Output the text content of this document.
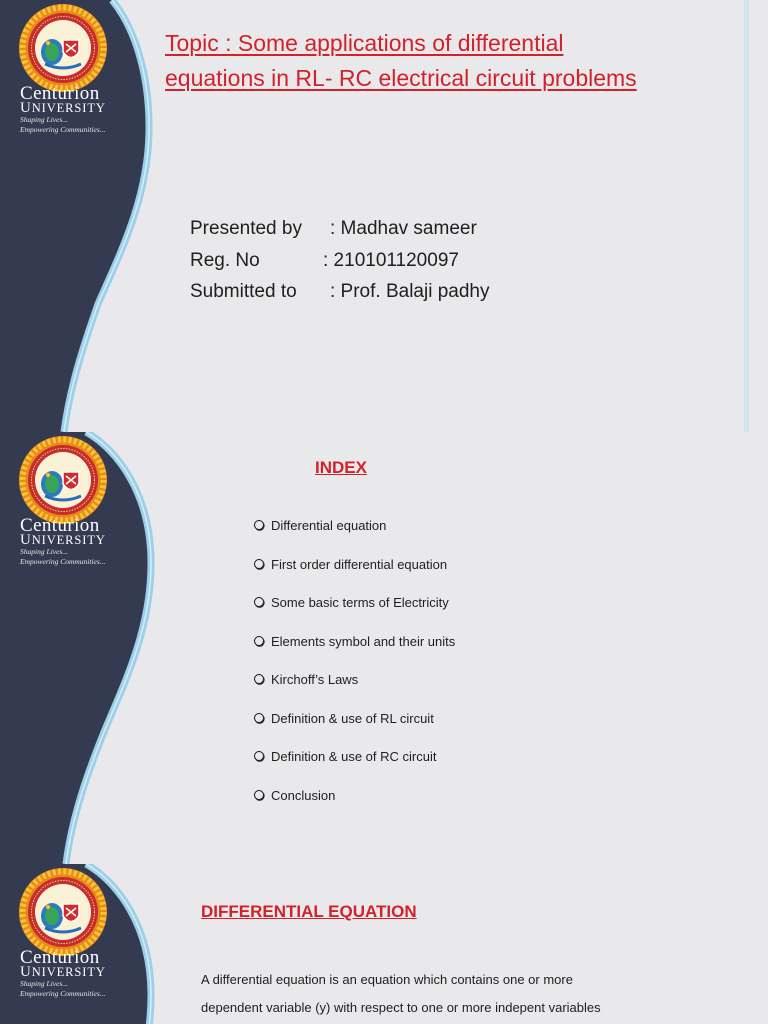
Centurion
UNIVERSITY
Shaping Lives...
Empowering Communities...
Topic : Some applications of differential
equations in RL- RC electrical circuit problems
Presented by : Madhav sameer
Reg. No	: 210101120097
Submitted to : Prof. Balaji padhy
Centurion
UNIVERSITY
Shaping Lives...
Empowering Communities...
INDEX
Differential equation
First order differential equation
Some basic terms of Electricity
Elements symbol and their units
Kirchoff’s Laws
Definition & use of RL circuit
Definition & use of RC circuit
Conclusion
Centurion
UNIVERSITY
Shaping Lives...
Empowering Communities...
DIFFERENTIAL EQUATION
A differential equation is an equation which contains one or more
dependent variable (y) with respect to one or more indepent variables
